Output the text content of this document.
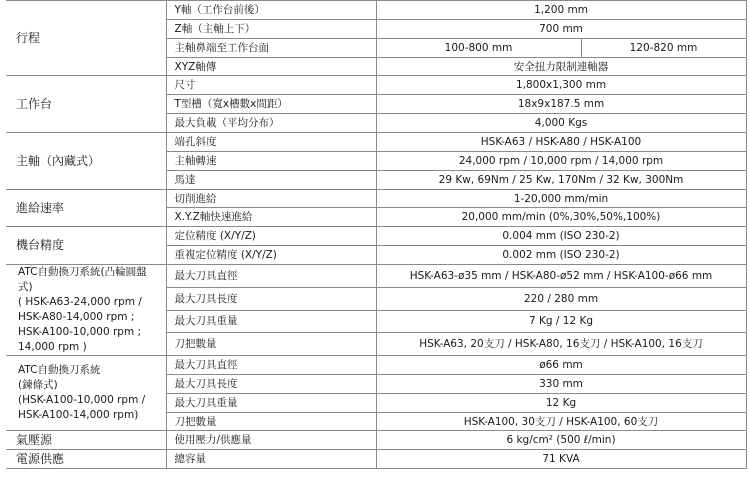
行程	Y軸（工作台前後）	1,200 mm	
	Z軸（主軸上下）	700 mm	
	主軸鼻端至工作台面	100-800 mm	120-820 mm
	XYZ軸傳	安全扭力限制連軸器	
工作台	尺寸	1,800x1,300 mm	
	T型槽（寬x槽數x間距）	18x9x187.5 mm	
	最大負載（平均分布）	4,000 Kgs	
主軸（內藏式）	端孔斜度	HSK-A63 / HSK-A80 / HSK-A100	
	主軸轉速	24,000 rpm / 10,000 rpm / 14,000 rpm	
	馬達	29 Kw, 69Nm / 25 Kw, 170Nm / 32 Kw, 300Nm	
進給速率	切削進給	1-20,000 mm/min	
	X.Y.Z軸快速進給	20,000 mm/min (0%,30%,50%,100%)	
機台精度	定位精度 (X/Y/Z)	0.004 mm (ISO 230-2)	
	重複定位精度 (X/Y/Z)	0.002 mm (ISO 230-2)	

ATC自動換刀系統(凸輪圓盤式)
( HSK-A63-24,000 rpm /
HSK-A80-14,000 rpm ;
HSK-A100-10,000 rpm ;
14,000 rpm )	最大刀具直徑	HSK-A63-ø35 mm / HSK-A80-ø52 mm / HSK-A100-ø66 mm	
	最大刀具長度	220 / 280 mm	
	最大刀具重量	7 Kg / 12 Kg	
	刀把數量	HSK-A63, 20支刀 / HSK-A80, 16支刀 / HSK-A100, 16支刀	

ATC自動換刀系統
(鍊條式)
(HSK-A100-10,000 rpm /
HSK-A100-14,000 rpm)	最大刀具直徑	ø66 mm	
	最大刀具長度	330 mm	
	最大刀具重量	12 Kg	
	刀把數量	HSK-A100, 30支刀 / HSK-A100, 60支刀	
氣壓源	使用壓力/供應量	6 kg/cm² (500 ℓ/min)	
電源供應	總容量	71 KVA	
